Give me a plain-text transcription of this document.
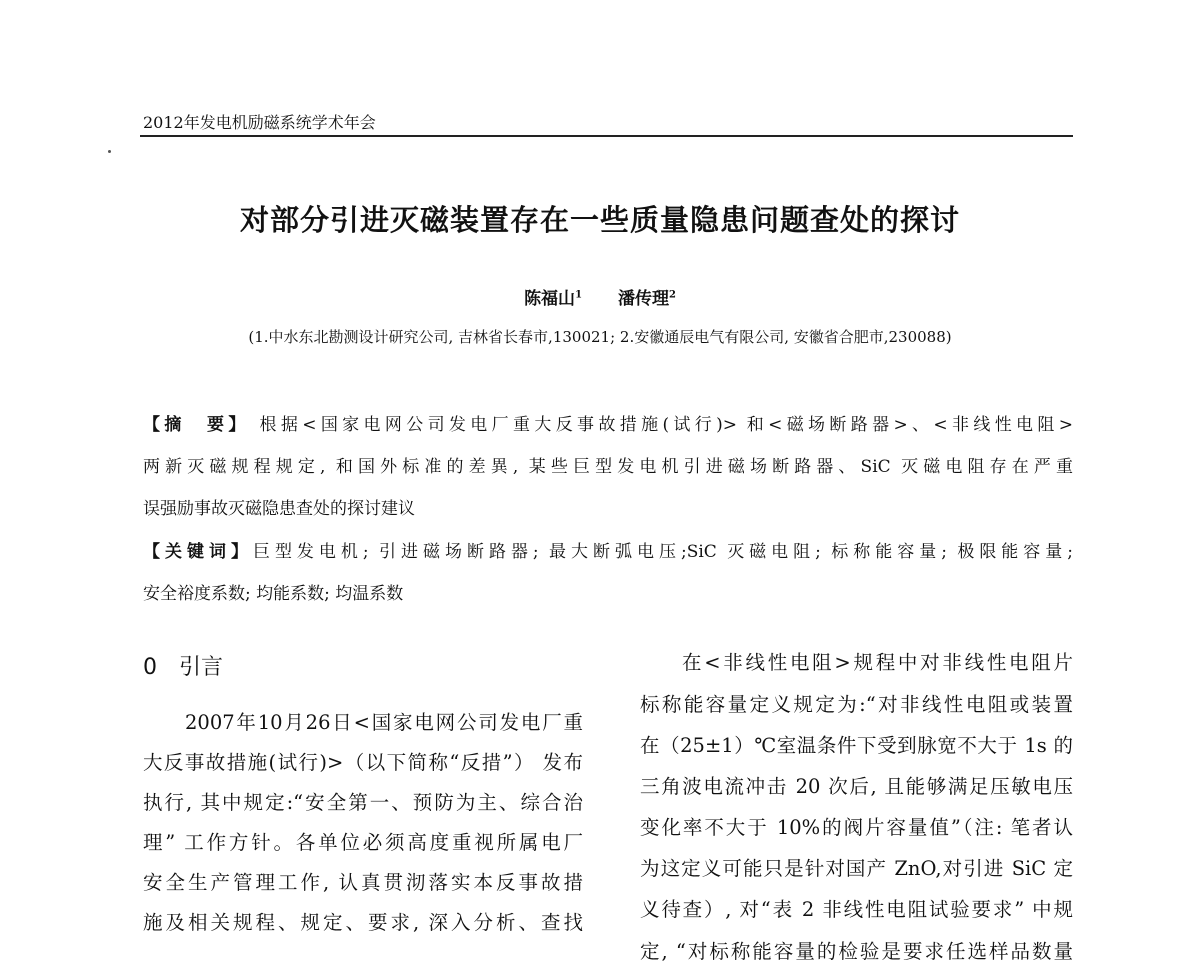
2012年发电机励磁系统学术年会
对部分引进灭磁装置存在一些质量隐患问题查处的探讨
陈福山$^1$ 潘传理$^2$
(1.中水东北勘测设计研究公司, 吉林省长春市,130021; 2.安徽通辰电气有限公司, 安徽省合肥市,230088)
【摘　要】 根据<国家电网公司发电厂重大反事故措施(试行)> 和<磁场断路器>、<非线性电阻>
两新灭磁规程规定, 和国外标准的差異, 某些巨型发电机引进磁场断路器、SiC 灭磁电阻存在严重
误强励事故灭磁隐患查处的探讨建议
【关键词】巨型发电机; 引进磁场断路器; 最大断弧电压;SiC 灭磁电阻; 标称能容量; 极限能容量;
安全裕度系数; 均能系数; 均温系数
0 引言
2007年10月26日<国家电网公司发电厂重
大反事故措施(试行)>（以下简称“反措”） 发布
执行, 其中规定:“安全第一、预防为主、综合治
理” 工作方针。各单位必须高度重视所属电厂
安全生产管理工作, 认真贯沏落实本反事故措
施及相关规程、规定、要求, 深入分析、查找
在<非线性电阻>规程中对非线性电阻片
标称能容量定义规定为:“对非线性电阻或装置
在（25±1）℃室温条件下受到脉宽不大于 1s 的
三角波电流冲击 20 次后, 且能够满足压敏电压
变化率不大于 10%的阀片容量值”（注: 笔者认
为这定义可能只是针对国产 ZnO,对引进 SiC 定
义待查）, 对“表 2 非线性电阻试验要求” 中规
定, “对标称能容量的检验是要求任选样品数量
